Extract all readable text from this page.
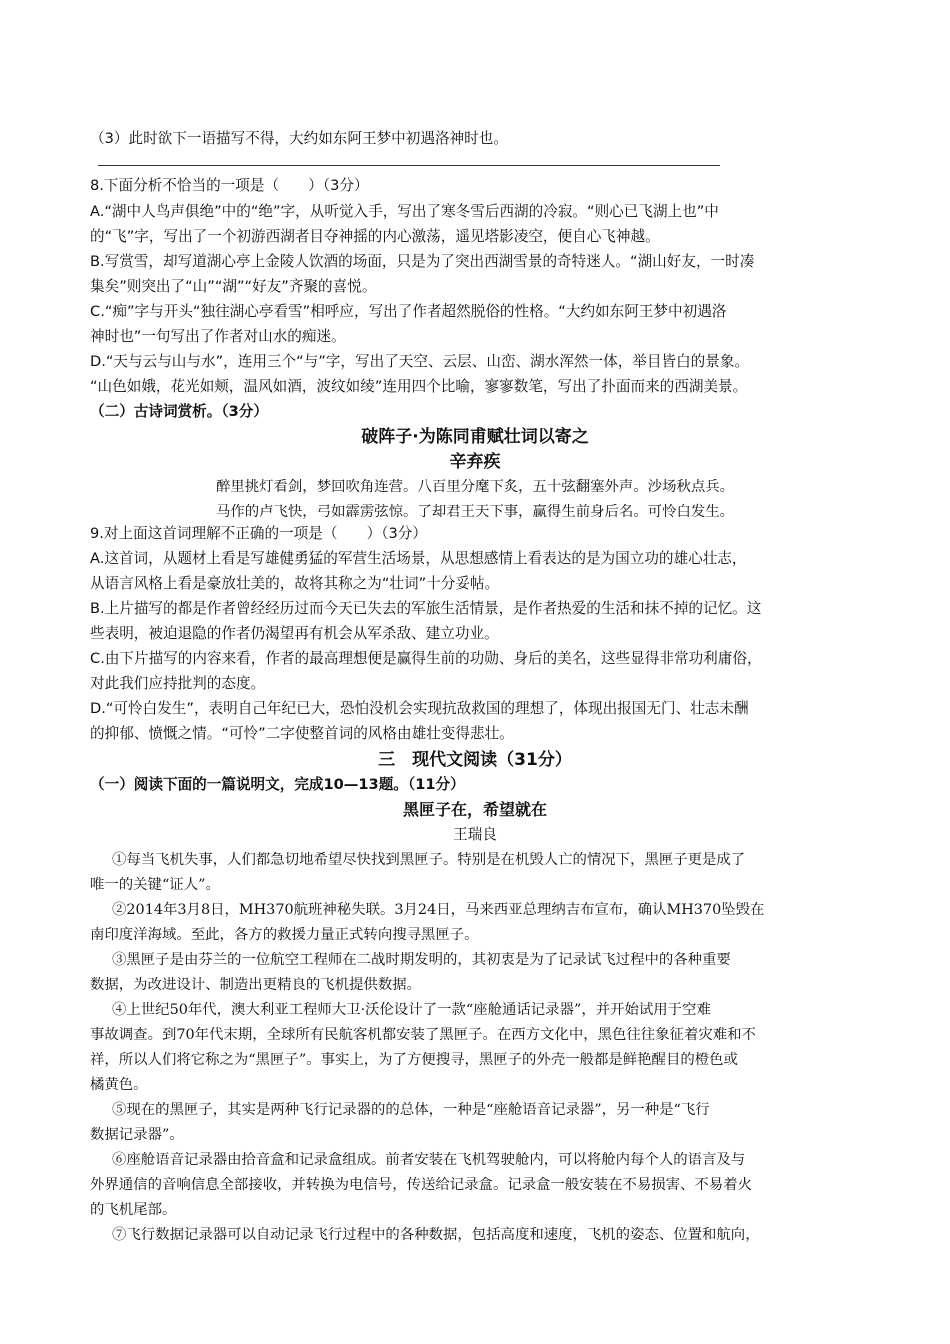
（3）此时欲下一语描写不得，大约如东阿王梦中初遇洛神时也。
8.下面分析不恰当的一项是（　　）（3分）
A.“湖中人鸟声俱绝”中的“绝”字，从听觉入手，写出了寒冬雪后西湖的冷寂。“则心已飞湖上也”中
的“飞”字，写出了一个初游西湖者目夺神摇的内心激荡，遥见塔影凌空，便自心飞神越。
B.写赏雪，却写道湖心亭上金陵人饮酒的场面，只是为了突出西湖雪景的奇特迷人。“湖山好友，一时凑
集矣”则突出了“山”“湖”“好友”齐聚的喜悦。
C.“痴”字与开头“独往湖心亭看雪”相呼应，写出了作者超然脱俗的性格。“大约如东阿王梦中初遇洛
神时也”一句写出了作者对山水的痴迷。
D.“天与云与山与水”，连用三个“与”字，写出了天空、云层、山峦、湖水浑然一体，举目皆白的景象。
“山色如娥，花光如颊，温风如酒，波纹如绫”连用四个比喻，寥寥数笔，写出了扑面而来的西湖美景。
（二）古诗词赏析。（3分）
破阵子·为陈同甫赋壮词以寄之
辛弃疾
醉里挑灯看剑，梦回吹角连营。八百里分麾下炙，五十弦翻塞外声。沙场秋点兵。
马作的卢飞快，弓如霹雳弦惊。了却君王天下事，赢得生前身后名。可怜白发生。
9.对上面这首词理解不正确的一项是（　　）（3分）
A.这首词，从题材上看是写雄健勇猛的军营生活场景，从思想感情上看表达的是为国立功的雄心壮志，
从语言风格上看是豪放壮美的，故将其称之为“壮词”十分妥帖。
B.上片描写的都是作者曾经经历过而今天已失去的军旅生活情景，是作者热爱的生活和抹不掉的记忆。这
些表明，被迫退隐的作者仍渴望再有机会从军杀敌、建立功业。
C.由下片描写的内容来看，作者的最高理想便是赢得生前的功勋、身后的美名，这些显得非常功利庸俗，
对此我们应持批判的态度。
D.“可怜白发生”，表明自己年纪已大，恐怕没机会实现抗敌救国的理想了，体现出报国无门、壮志未酬
的抑郁、愤慨之情。“可怜”二字使整首词的风格由雄壮变得悲壮。
三　现代文阅读（31分）
（一）阅读下面的一篇说明文，完成10—13题。（11分）
黑匣子在，希望就在
王瑞良
①每当飞机失事，人们都急切地希望尽快找到黑匣子。特别是在机毁人亡的情况下，黑匣子更是成了
唯一的关键“证人”。
②2014年3月8日，MH370航班神秘失联。3月24日，马来西亚总理纳吉布宣布，确认MH370坠毁在
南印度洋海域。至此，各方的救援力量正式转向搜寻黑匣子。
③黑匣子是由芬兰的一位航空工程师在二战时期发明的，其初衷是为了记录试飞过程中的各种重要
数据，为改进设计、制造出更精良的飞机提供数据。
④上世纪50年代，澳大利亚工程师大卫·沃伦设计了一款“座舱通话记录器”，并开始试用于空难
事故调查。到70年代末期，全球所有民航客机都安装了黑匣子。在西方文化中，黑色往往象征着灾难和不
祥，所以人们将它称之为“黑匣子”。事实上，为了方便搜寻，黑匣子的外壳一般都是鲜艳醒目的橙色或
橘黄色。
⑤现在的黑匣子，其实是两种飞行记录器的的总体，一种是“座舱语音记录器”，另一种是“飞行
数据记录器”。
⑥座舱语音记录器由拾音盒和记录盒组成。前者安装在飞机驾驶舱内，可以将舱内每个人的语言及与
外界通信的音响信息全部接收，并转换为电信号，传送给记录盒。记录盒一般安装在不易损害、不易着火
的飞机尾部。
⑦飞行数据记录器可以自动记录飞行过程中的各种数据，包括高度和速度，飞机的姿态、位置和航向，
